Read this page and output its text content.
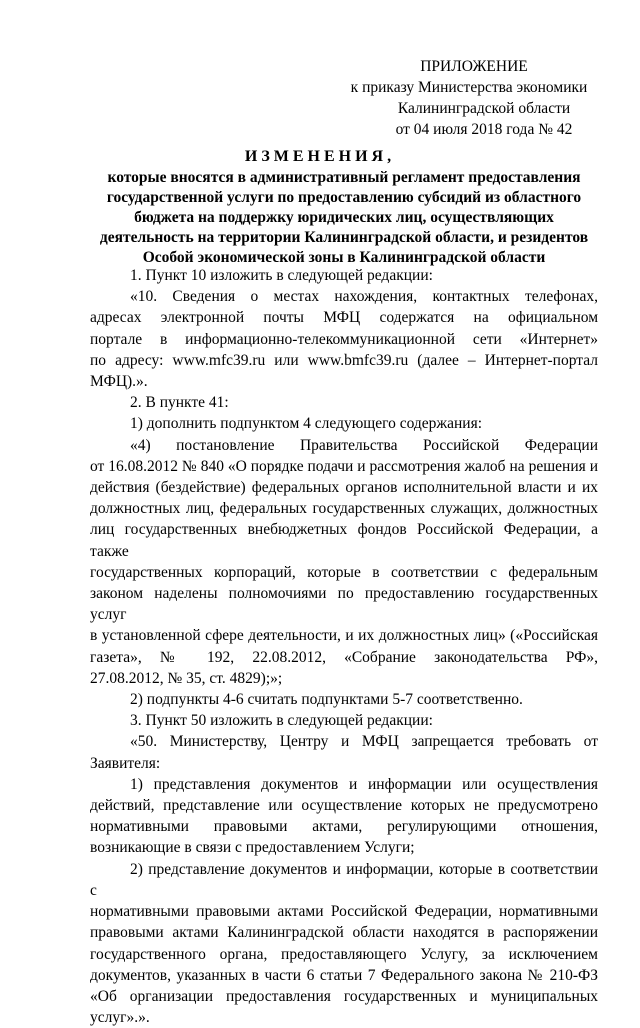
ПРИЛОЖЕНИЕ
к приказу Министерства экономики
Калининградской области
от 04 июля 2018 года № 42
ИЗМЕНЕНИЯ,
которые вносятся в административный регламент предоставления
государственной услуги по предоставлению субсидий из областного
бюджета на поддержку юридических лиц, осуществляющих
деятельность на территории Калининградской области, и резидентов
Особой экономической зоны в Калининградской области
1. Пункт 10 изложить в следующей редакции:
«10. Сведения о местах нахождения, контактных телефонах,
адресах электронной почты МФЦ содержатся на официальном
портале в информационно-телекоммуникационной сети «Интернет»
по адресу: www.mfc39.ru или www.bmfc39.ru (далее – Интернет-портал
МФЦ).».
2. В пункте 41:
1) дополнить подпунктом 4 следующего содержания:
«4) постановление Правительства Российской Федерации
от 16.08.2012 № 840 «О порядке подачи и рассмотрения жалоб на решения и
действия (бездействие) федеральных органов исполнительной власти и их
должностных лиц, федеральных государственных служащих, должностных
лиц государственных внебюджетных фондов Российской Федерации, а также
государственных корпораций, которые в соответствии с федеральным
законом наделены полномочиями по предоставлению государственных услуг
в установленной сфере деятельности, и их должностных лиц» («Российская
газета», № 192, 22.08.2012, «Собрание законодательства РФ»,
27.08.2012, № 35, ст. 4829);»;
2) подпункты 4-6 считать подпунктами 5-7 соответственно.
3. Пункт 50 изложить в следующей редакции:
«50. Министерству, Центру и МФЦ запрещается требовать от
Заявителя:
1) представления документов и информации или осуществления
действий, представление или осуществление которых не предусмотрено
нормативными правовыми актами, регулирующими отношения,
возникающие в связи с предоставлением Услуги;
2) представление документов и информации, которые в соответствии с
нормативными правовыми актами Российской Федерации, нормативными
правовыми актами Калининградской области находятся в распоряжении
государственного органа, предоставляющего Услугу, за исключением
документов, указанных в части 6 статьи 7 Федерального закона № 210-ФЗ
«Об организации предоставления государственных и муниципальных
услуг».».
